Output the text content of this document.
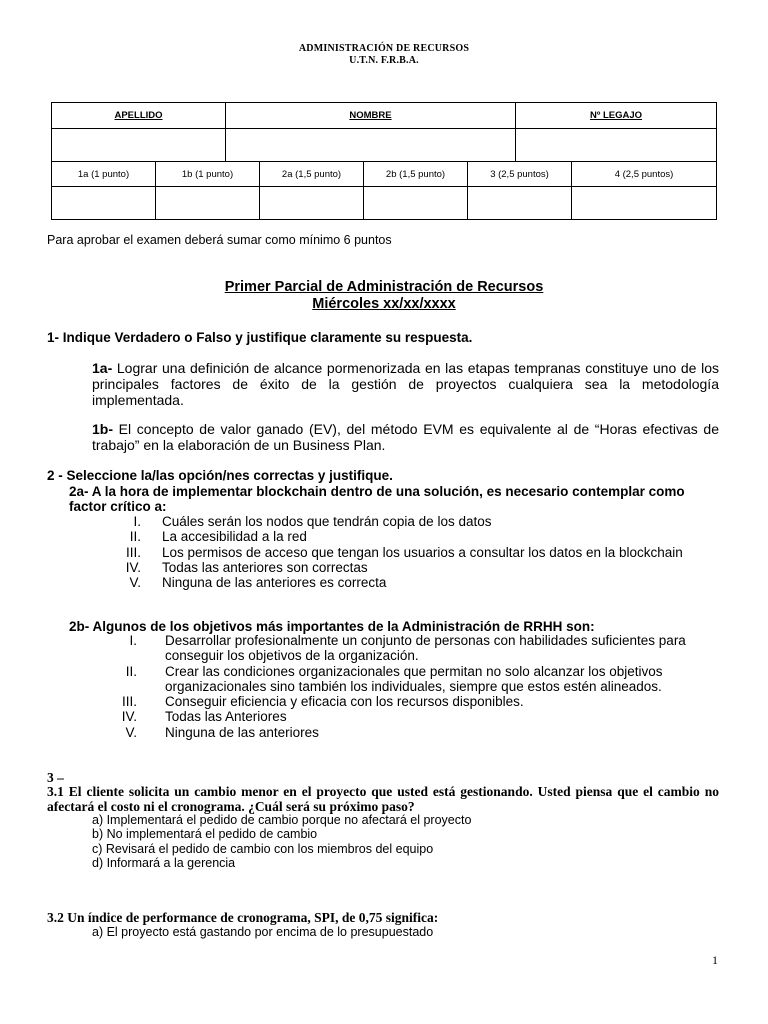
ADMINISTRACIÓN DE RECURSOS
U.T.N. F.R.B.A.
APELLIDO	NOMBRE	Nº LEGAJO

1a (1 punto)	1b (1 punto)	2a (1,5 punto)	2b (1,5 punto)	3 (2,5 puntos)	4 (2,5 puntos)

Para aprobar el examen deberá sumar como mínimo 6 puntos
Primer Parcial de Administración de Recursos
Miércoles xx/xx/xxxx
1- Indique Verdadero o Falso y justifique claramente su respuesta.
1a- Lograr una definición de alcance pormenorizada en las etapas tempranas constituye uno de los principales factores de éxito de la gestión de proyectos cualquiera sea la metodología implementada.
1b- El concepto de valor ganado (EV), del método EVM es equivalente al de “Horas efectivas de trabajo” en la elaboración de un Business Plan.
2 - Seleccione la/las opción/nes correctas y justifique.
2a- A la hora de implementar blockchain dentro de una solución, es necesario contemplar como
factor crítico a:
I. Cuáles serán los nodos que tendrán copia de los datos
II. La accesibilidad a la red
III. Los permisos de acceso que tengan los usuarios a consultar los datos en la blockchain
IV. Todas las anteriores son correctas
V. Ninguna de las anteriores es correcta
2b- Algunos de los objetivos más importantes de la Administración de RRHH son:
I. Desarrollar profesionalmente un conjunto de personas con habilidades suficientes para
conseguir los objetivos de la organización.
II. Crear las condiciones organizacionales que permitan no solo alcanzar los objetivos
organizacionales sino también los individuales, siempre que estos estén alineados.
III. Conseguir eficiencia y eficacia con los recursos disponibles.
IV. Todas las Anteriores
V. Ninguna de las anteriores
3 –
3.1 El cliente solicita un cambio menor en el proyecto que usted está gestionando. Usted piensa que el cambio no afectará el costo ni el cronograma. ¿Cuál será su próximo paso?
a) Implementará el pedido de cambio porque no afectará el proyecto
b) No implementará el pedido de cambio
c) Revisará el pedido de cambio con los miembros del equipo
d) Informará a la gerencia
3.2 Un índice de performance de cronograma, SPI, de 0,75 significa:
a) El proyecto está gastando por encima de lo presupuestado
1
